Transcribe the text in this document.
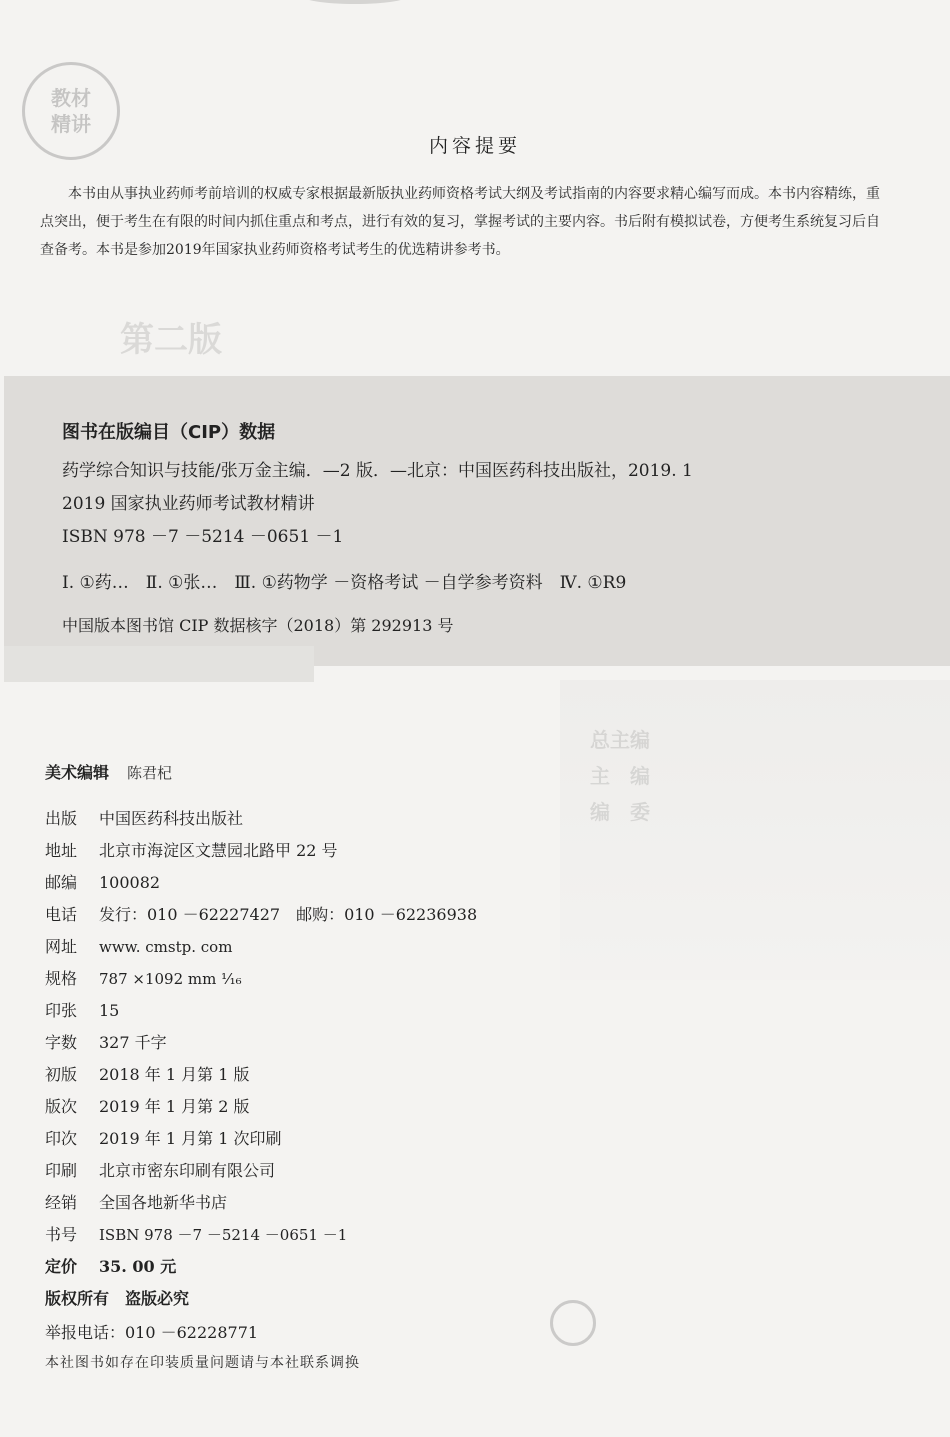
教材
精讲
第二版
总主编
主　编
编　委
内容提要
本书由从事执业药师考前培训的权威专家根据最新版执业药师资格考试大纲及考试指南的内容要求精心编写而成。本书内容精练，重点突出，便于考生在有限的时间内抓住重点和考点，进行有效的复习，掌握考试的主要内容。书后附有模拟试卷，方便考生系统复习后自查备考。本书是参加2019年国家执业药师资格考试考生的优选精讲参考书。
图书在版编目（CIP）数据
药学综合知识与技能/张万金主编．—2 版．—北京：中国医药科技出版社，2019. 1
2019 国家执业药师考试教材精讲
ISBN 978 －7 －5214 －0651 －1
Ⅰ. ①药…　Ⅱ. ①张…　Ⅲ. ①药物学 －资格考试 －自学参考资料　Ⅳ. ①R9
中国版本图书馆 CIP 数据核字（2018）第 292913 号
美术编辑 陈君杞
出版 中国医药科技出版社
地址 北京市海淀区文慧园北路甲 22 号
邮编 100082
电话 发行：010 －62227427　邮购：010 －62236938
网址 www. cmstp. com
规格 787 ×1092 mm ¹⁄₁₆
印张 15
字数 327 千字
初版 2018 年 1 月第 1 版
版次 2019 年 1 月第 2 版
印次 2019 年 1 月第 1 次印刷
印刷 北京市密东印刷有限公司
经销 全国各地新华书店
书号 ISBN 978 －7 －5214 －0651 －1
定价 35. 00 元
版权所有　盗版必究
举报电话：010 －62228771
本社图书如存在印装质量问题请与本社联系调换
